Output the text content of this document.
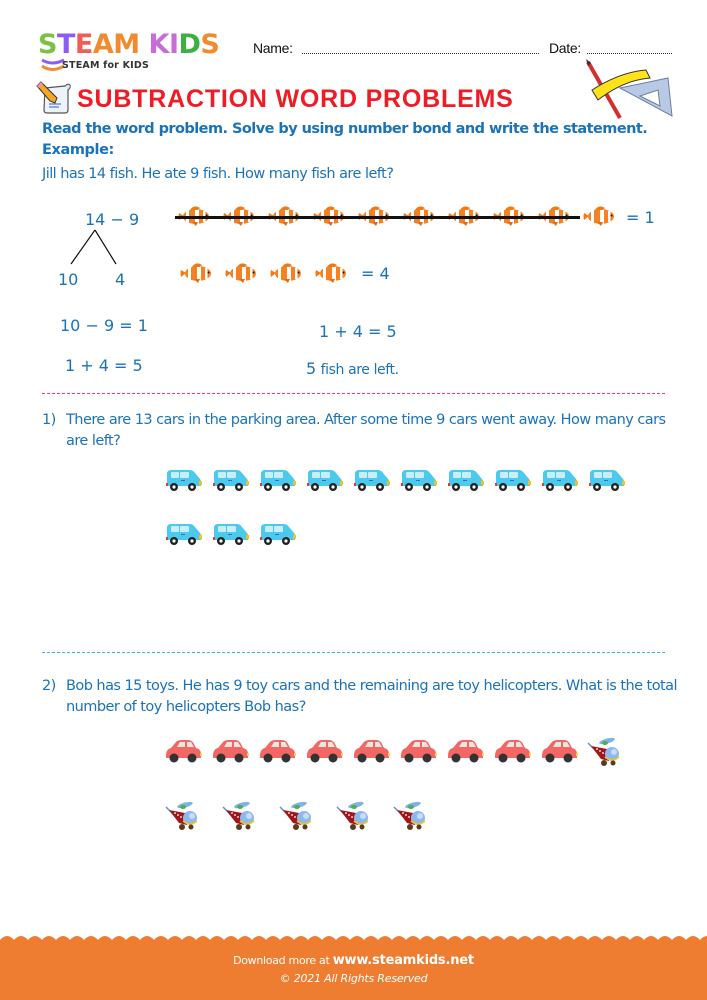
STEAM KIDS
STEAM for KIDS
Name:	Date:
SUBTRACTION WORD PROBLEMS
Read the word problem. Solve by using number bond and write the statement.
Example:
Jill has 14 fish. He ate 9 fish. How many fish are left?
14 − 9
10 4
10 − 9 = 1
1 + 4 = 5
= 1
= 4
1 + 4 = 5
5 fish are left.
1) There are 13 cars in the parking area. After some time 9 cars went away. How many cars are left?
2) Bob has 15 toys. He has 9 toy cars and the remaining are toy helicopters. What is the total number of toy helicopters Bob has?
Download more at www.steamkids.net
© 2021 All Rights Reserved
